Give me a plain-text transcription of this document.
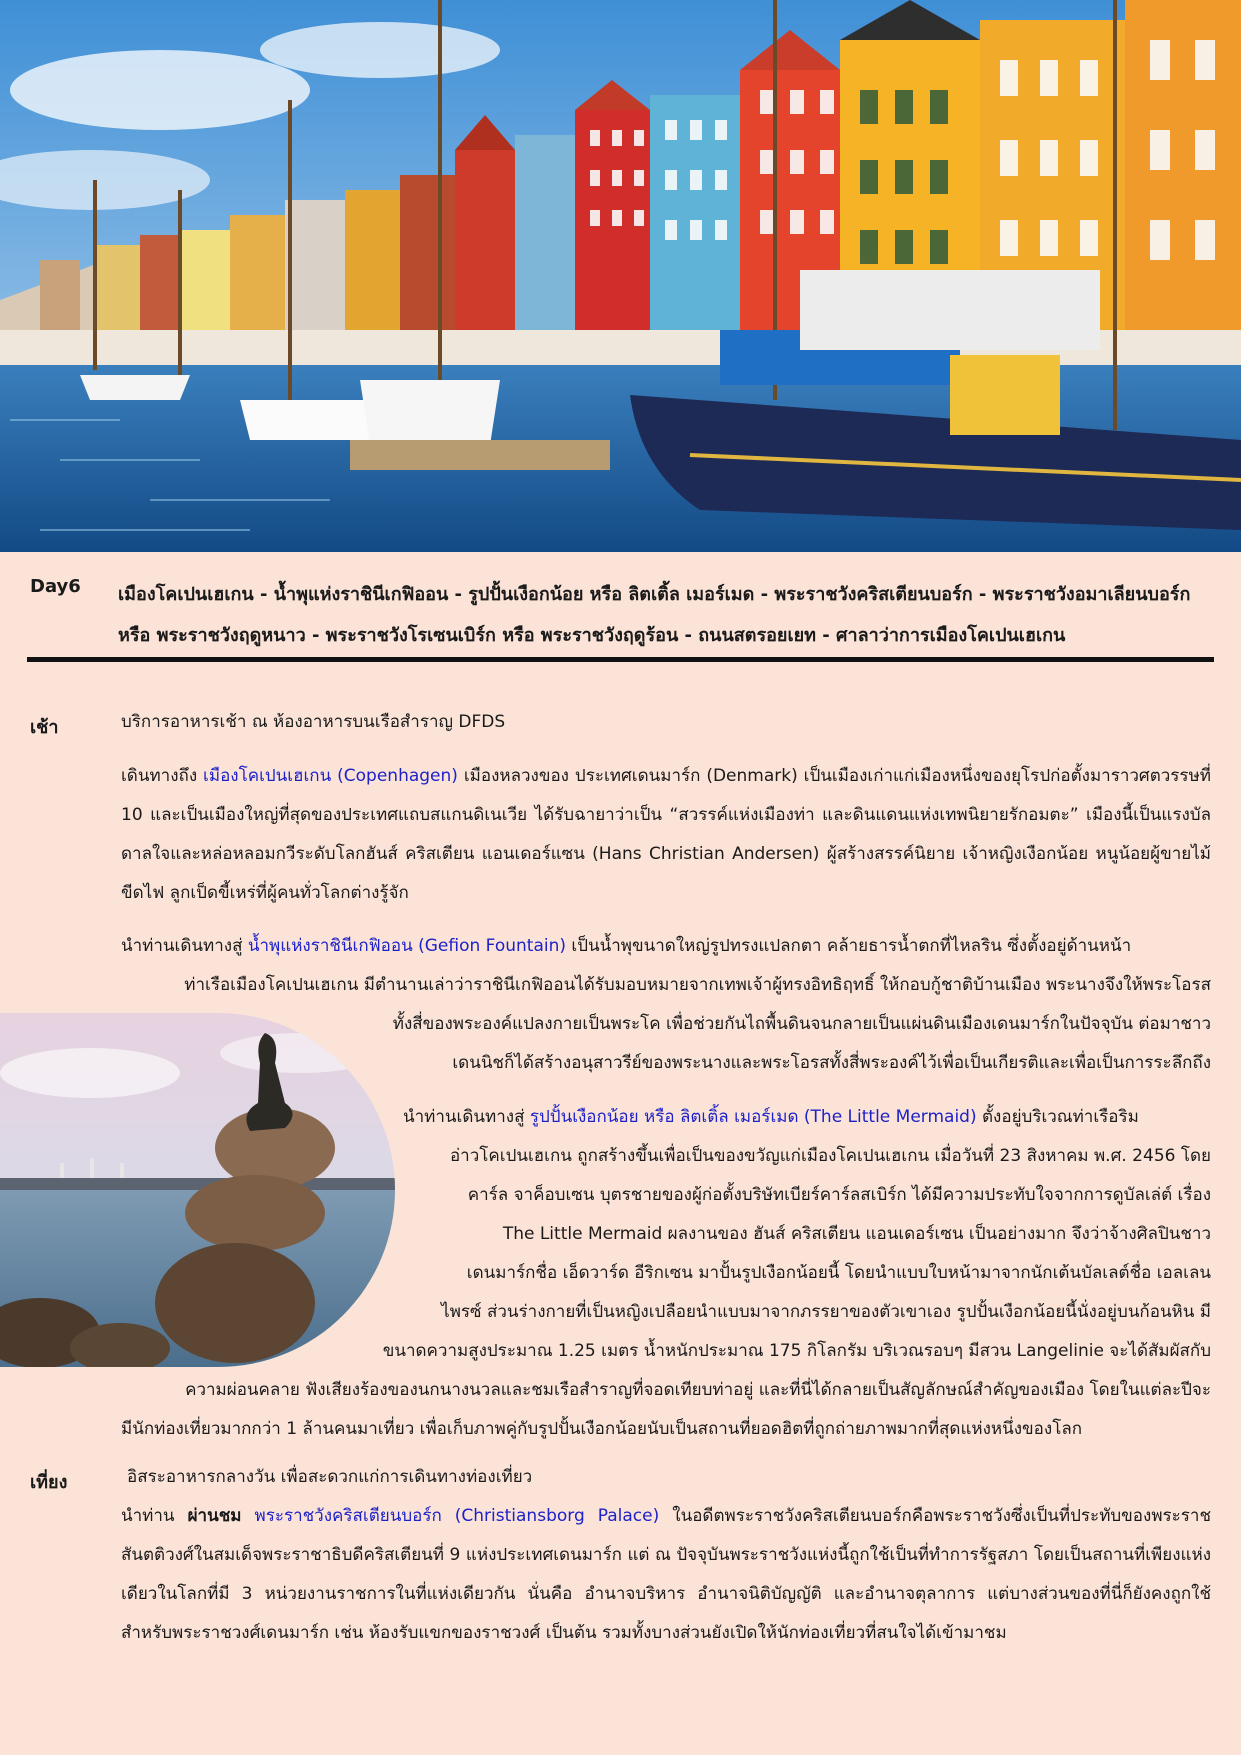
Day6 เมืองโคเปนเฮเกน - น้ำพุแห่งราชินีเกฟิออน - รูปปั้นเงือกน้อย หรือ ลิตเติ้ล เมอร์เมด - พระราชวังคริสเตียนบอร์ก - พระราชวังอมาเลียนบอร์ก หรือ พระราชวังฤดูหนาว - พระราชวังโรเซนเบิร์ก หรือ พระราชวังฤดูร้อน - ถนนสตรอยเยท - ศาลาว่าการเมืองโคเปนเฮเกน
เช้า	บริการอาหารเช้า ณ ห้องอาหารบนเรือสำราญ DFDS
เดินทางถึง เมืองโคเปนเฮเกน (Copenhagen) เมืองหลวงของ ประเทศเดนมาร์ก (Denmark) เป็นเมืองเก่าแก่เมืองหนึ่งของยุโรปก่อตั้งมาราวศตวรรษที่ 10 และเป็นเมืองใหญ่ที่สุดของประเทศแถบสแกนดิเนเวีย ได้รับฉายาว่าเป็น “สวรรค์แห่งเมืองท่า และดินแดนแห่งเทพนิยายรักอมตะ” เมืองนี้เป็นแรงบัลดาลใจและหล่อหลอมกวีระดับโลกฮันส์ คริสเตียน แอนเดอร์แซน (Hans Christian Andersen) ผู้สร้างสรรค์นิยาย เจ้าหญิงเงือกน้อย หนูน้อยผู้ขายไม้ขีดไฟ ลูกเป็ดขี้เหร่ที่ผู้คนทั่วโลกต่างรู้จัก
นำท่านเดินทางสู่ น้ำพุแห่งราชินีเกฟิออน (Gefion Fountain) เป็นน้ำพุขนาดใหญ่รูปทรงแปลกตา คล้ายธารน้ำตกที่ไหลริน ซึ่งตั้งอยู่ด้านหน้า
ท่าเรือเมืองโคเปนเฮเกน มีตำนานเล่าว่าราชินีเกฟิออนได้รับมอบหมายจากเทพเจ้าผู้ทรงอิทธิฤทธิ์ ให้กอบกู้ชาติบ้านเมือง พระนางจึงให้พระโอรส
ทั้งสี่ของพระองค์แปลงกายเป็นพระโค เพื่อช่วยกันไถพื้นดินจนกลายเป็นแผ่นดินเมืองเดนมาร์กในปัจจุบัน ต่อมาชาว
เดนนิชก็ได้สร้างอนุสาวรีย์ของพระนางและพระโอรสทั้งสี่พระองค์ไว้เพื่อเป็นเกียรติและเพื่อเป็นการระลึกถึง
นำท่านเดินทางสู่ รูปปั้นเงือกน้อย หรือ ลิตเติ้ล เมอร์เมด (The Little Mermaid) ตั้งอยู่บริเวณท่าเรือริม
อ่าวโคเปนเฮเกน ถูกสร้างขึ้นเพื่อเป็นของขวัญแก่เมืองโคเปนเฮเกน เมื่อวันที่ 23 สิงหาคม พ.ศ. 2456 โดย
คาร์ล จาค็อบเซน บุตรชายของผู้ก่อตั้งบริษัทเบียร์คาร์ลสเบิร์ก ได้มีความประทับใจจากการดูบัลเล่ต์ เรื่อง
The Little Mermaid ผลงานของ ฮันส์ คริสเตียน แอนเดอร์เซน เป็นอย่างมาก จึงว่าจ้างศิลปินชาว
เดนมาร์กชื่อ เอ็ดวาร์ด อีริกเซน มาปั้นรูปเงือกน้อยนี้ โดยนำแบบใบหน้ามาจากนักเต้นบัลเลต์ชื่อ เอลเลน
ไพรซ์ ส่วนร่างกายที่เป็นหญิงเปลือยนำแบบมาจากภรรยาของตัวเขาเอง รูปปั้นเงือกน้อยนี้นั่งอยู่บนก้อนหิน มี
ขนาดความสูงประมาณ 1.25 เมตร น้ำหนักประมาณ 175 กิโลกรัม บริเวณรอบๆ มีสวน Langelinie จะได้สัมผัสกับ
ความผ่อนคลาย ฟังเสียงร้องของนกนางนวลและชมเรือสำราญที่จอดเทียบท่าอยู่ และที่นี่ได้กลายเป็นสัญลักษณ์สำคัญของเมือง โดยในแต่ละปีจะ
มีนักท่องเที่ยวมากกว่า 1 ล้านคนมาเที่ยว เพื่อเก็บภาพคู่กับรูปปั้นเงือกน้อยนับเป็นสถานที่ยอดฮิตที่ถูกถ่ายภาพมากที่สุดแห่งหนึ่งของโลก
เที่ยง	อิสระอาหารกลางวัน เพื่อสะดวกแก่การเดินทางท่องเที่ยว
นำท่าน ผ่านชม พระราชวังคริสเตียนบอร์ก (Christiansborg Palace) ในอดีตพระราชวังคริสเตียนบอร์กคือพระราชวังซึ่งเป็นที่ประทับของพระราชสันตติวงศ์ในสมเด็จพระราชาธิบดีคริสเตียนที่ 9 แห่งประเทศเดนมาร์ก แต่ ณ ปัจจุบันพระราชวังแห่งนี้ถูกใช้เป็นที่ทำการรัฐสภา โดยเป็นสถานที่เพียงแห่งเดียวในโลกที่มี 3 หน่วยงานราชการในที่แห่งเดียวกัน นั่นคือ อำนาจบริหาร อำนาจนิติบัญญัติ และอำนาจตุลาการ แต่บางส่วนของที่นี่ก็ยังคงถูกใช้สำหรับพระราชวงศ์เดนมาร์ก เช่น ห้องรับแขกของราชวงศ์ เป็นต้น รวมทั้งบางส่วนยังเปิดให้นักท่องเที่ยวที่สนใจได้เข้ามาชม
